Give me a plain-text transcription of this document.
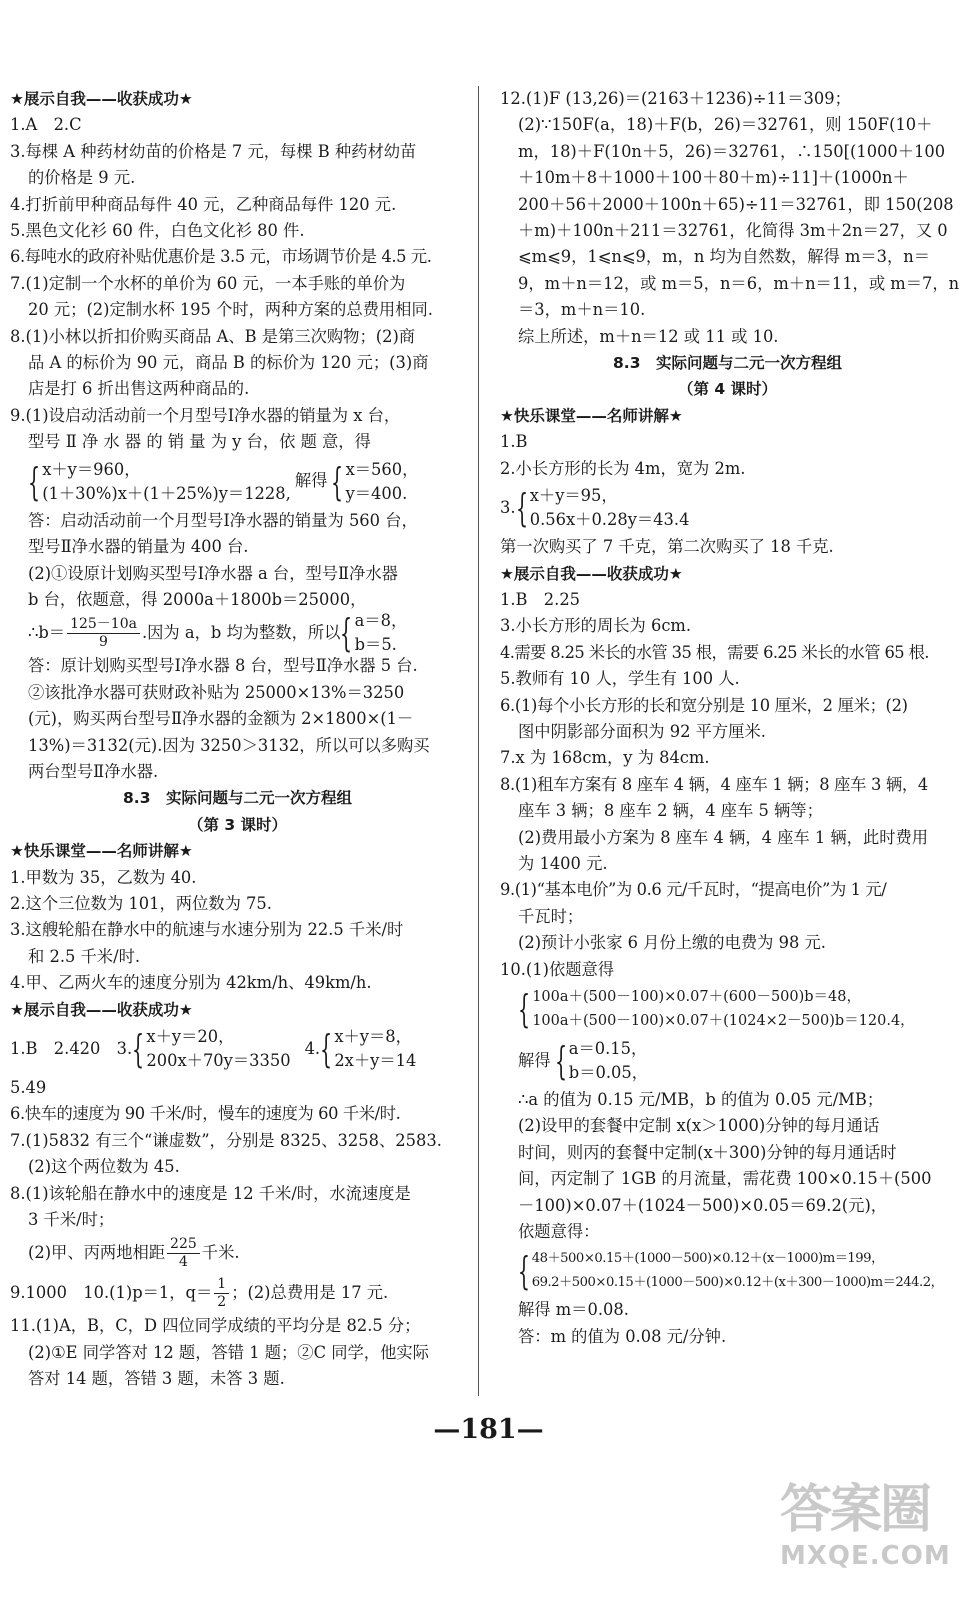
★展示自我——收获成功★

1.A　2.C

3.每棵 A 种药材幼苗的价格是 7 元，每棵 B 种药材幼苗

的价格是 9 元.

4.打折前甲种商品每件 40 元，乙种商品每件 120 元.

5.黑色文化衫 60 件，白色文化衫 80 件.

6.每吨水的政府补贴优惠价是 3.5 元，市场调节价是 4.5 元.

7.(1)定制一个水杯的单价为 60 元，一本手账的单价为

20 元；(2)定制水杯 195 个时，两种方案的总费用相同.

8.(1)小林以折扣价购买商品 A、B 是第三次购物；(2)商

品 A 的标价为 90 元，商品 B 的标价为 120 元；(3)商

店是打 6 折出售这两种商品的.

9.(1)设启动活动前一个月型号Ⅰ净水器的销量为 x 台，

型号 Ⅱ 净 水 器 的 销 量 为 y 台，依 题 意，得

{ x＋y＝960，
(1＋30%)x＋(1＋25%)y＝1228,
解得 { x＝560，
y＝400.

答：启动活动前一个月型号Ⅰ净水器的销量为 560 台，

型号Ⅱ净水器的销量为 400 台.

(2)①设原计划购买型号Ⅰ净水器 a 台，型号Ⅱ净水器

b 台，依题意，得 2000a＋1800b＝25000，

∴b＝ $\frac{125-10a}{9}$ .因为 a，b 均为整数，所以 { a＝8，
b＝5.

答：原计划购买型号Ⅰ净水器 8 台，型号Ⅱ净水器 5 台.

②该批净水器可获财政补贴为 25000×13%＝3250

(元)，购买两台型号Ⅱ净水器的金额为 2×1800×(1－

13%)＝3132(元).因为 3250＞3132，所以可以多购买

两台型号Ⅱ净水器.

8.3　实际问题与二元一次方程组

（第 3 课时）

★快乐课堂——名师讲解★

1.甲数为 35，乙数为 40.

2.这个三位数为 101，两位数为 75.

3.这艘轮船在静水中的航速与水速分别为 22.5 千米/时

和 2.5 千米/时.

4.甲、乙两火车的速度分别为 42km/h、49km/h.

★展示自我——收获成功★

1.B　2.420　3. { x＋y＝20，
200x＋70y＝3350
4. { x＋y＝8，
2x＋y＝14

5.49

6.快车的速度为 90 千米/时，慢车的速度为 60 千米/时.

7.(1)5832 有三个“谦虚数”，分别是 8325、3258、2583.

(2)这个两位数为 45.

8.(1)该轮船在静水中的速度是 12 千米/时，水流速度是

3 千米/时；

(2)甲、丙两地相距 $\frac{225}{4}$ 千米.
9.1000　10.(1)p＝1，$q= \frac{1}{2}$ ；(2)总费用是 17 元.

11.(1)A，B，C，D 四位同学成绩的平均分是 82.5 分；

(2)①E 同学答对 12 题，答错 1 题；②C 同学，他实际

答对 14 题，答错 3 题，未答 3 题.

12.(1)F (13,26)＝(2163＋1236)÷11＝309；

(2)∵150F(a，18)＋F(b，26)＝32761，则 150F(10＋

m，18)＋F(10n＋5，26)＝32761，∴150[(1000＋100

＋10m＋8＋1000＋100＋80＋m)÷11]＋(1000n＋

200＋56＋2000＋100n＋65)÷11＝32761，即 150(208

＋m)＋100n＋211＝32761，化简得 3m＋2n＝27，又 0

⩽m⩽9，1⩽n⩽9，m，n 均为自然数，解得 m＝3，n＝

9，m＋n＝12，或 m＝5，n＝6，m＋n＝11，或 m＝7，n

＝3，m＋n＝10.

综上所述，m＋n＝12 或 11 或 10.

8.3　实际问题与二元一次方程组

（第 4 课时）

★快乐课堂——名师讲解★

1.B

2.小长方形的长为 4m，宽为 2m.

3. { x＋y＝95，
0.56x＋0.28y＝43.4

第一次购买了 7 千克，第二次购买了 18 千克.

★展示自我——收获成功★

1.B　2.25

3.小长方形的周长为 6cm.

4.需要 8.25 米长的水管 35 根，需要 6.25 米长的水管 65 根.

5.教师有 10 人，学生有 100 人.

6.(1)每个小长方形的长和宽分别是 10 厘米，2 厘米；(2)

图中阴影部分面积为 92 平方厘米.

7.x 为 168cm，y 为 84cm.

8.(1)租车方案有 8 座车 4 辆，4 座车 1 辆；8 座车 3 辆，4

座车 3 辆；8 座车 2 辆，4 座车 5 辆等；

(2)费用最小方案为 8 座车 4 辆，4 座车 1 辆，此时费用

为 1400 元.

9.(1)“基本电价”为 0.6 元/千瓦时，“提高电价”为 1 元/

千瓦时；

(2)预计小张家 6 月份上缴的电费为 98 元.

10.(1)依题意得

{ 100a＋(500－100)×0.07＋(600－500)b＝48，
100a＋(500－100)×0.07＋(1024×2－500)b＝120.4，
解得 { a＝0.15，
b＝0.05，

∴a 的值为 0.15 元/MB，b 的值为 0.05 元/MB；

(2)设甲的套餐中定制 x(x＞1000)分钟的每月通话

时间，则丙的套餐中定制(x＋300)分钟的每月通话时

间，丙定制了 1GB 的月流量，需花费 100×0.15＋(500

－100)×0.07＋(1024－500)×0.05＝69.2(元)，

依题意得：

{ 48＋500×0.15＋(1000－500)×0.12＋(x－1000)m＝199，
69.2＋500×0.15＋(1000－500)×0.12＋(x＋300－1000)m＝244.2，

解得 m＝0.08.

答：m 的值为 0.08 元/分钟.

—181—
答案圈
MXQE.COM
